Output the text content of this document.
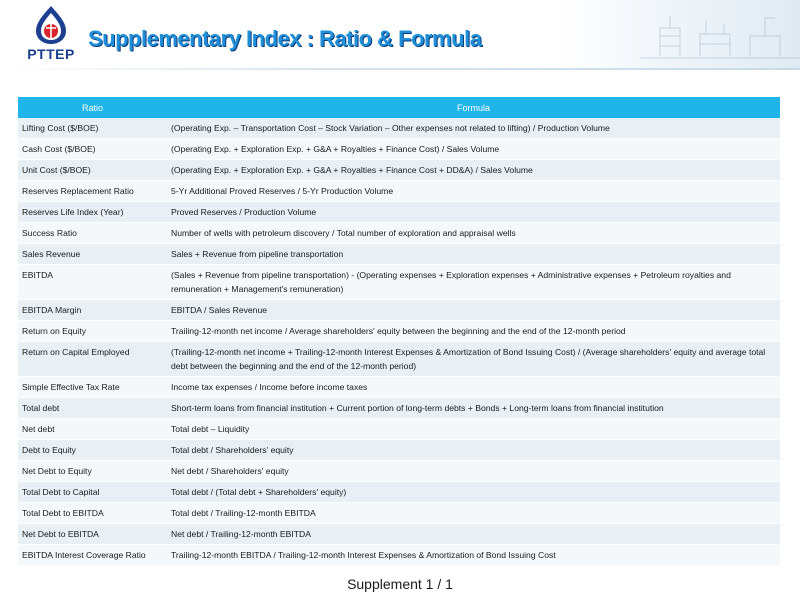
PTTEP
Supplementary Index : Ratio & Formula
Ratio	Formula
Lifting Cost ($/BOE)	(Operating Exp. – Transportation Cost – Stock Variation – Other expenses not related to lifting) / Production Volume
Cash Cost ($/BOE)	(Operating Exp. + Exploration Exp. + G&A + Royalties + Finance Cost) / Sales Volume
Unit Cost ($/BOE)	(Operating Exp. + Exploration Exp. + G&A + Royalties + Finance Cost + DD&A) / Sales Volume
Reserves Replacement Ratio	5-Yr Additional Proved Reserves / 5-Yr Production Volume
Reserves Life Index (Year)	Proved Reserves / Production Volume
Success Ratio	Number of wells with petroleum discovery / Total number of exploration and appraisal wells
Sales Revenue	Sales + Revenue from pipeline transportation
EBITDA	(Sales + Revenue from pipeline transportation) - (Operating expenses + Exploration expenses + Administrative expenses + Petroleum royalties and remuneration + Management's remuneration)
EBITDA Margin	EBITDA / Sales Revenue
Return on Equity	Trailing-12-month net income / Average shareholders' equity between the beginning and the end of the 12-month period
Return on Capital Employed	(Trailing-12-month net income + Trailing-12-month Interest Expenses & Amortization of Bond Issuing Cost) / (Average shareholders' equity and average total debt between the beginning and the end of the 12-month period)
Simple Effective Tax Rate	Income tax expenses / Income before income taxes
Total debt	Short-term loans from financial institution + Current portion of long-term debts + Bonds + Long-term loans from financial institution
Net debt	Total debt – Liquidity
Debt to Equity	Total debt / Shareholders' equity
Net Debt to Equity	Net debt / Shareholders' equity
Total Debt to Capital	Total debt / (Total debt + Shareholders' equity)
Total Debt to EBITDA	Total debt / Trailing-12-month EBITDA
Net Debt to EBITDA	Net debt / Trailing-12-month EBITDA
EBITDA Interest Coverage Ratio	Trailing-12-month EBITDA / Trailing-12-month Interest Expenses & Amortization of Bond Issuing Cost
Supplement 1 / 1
